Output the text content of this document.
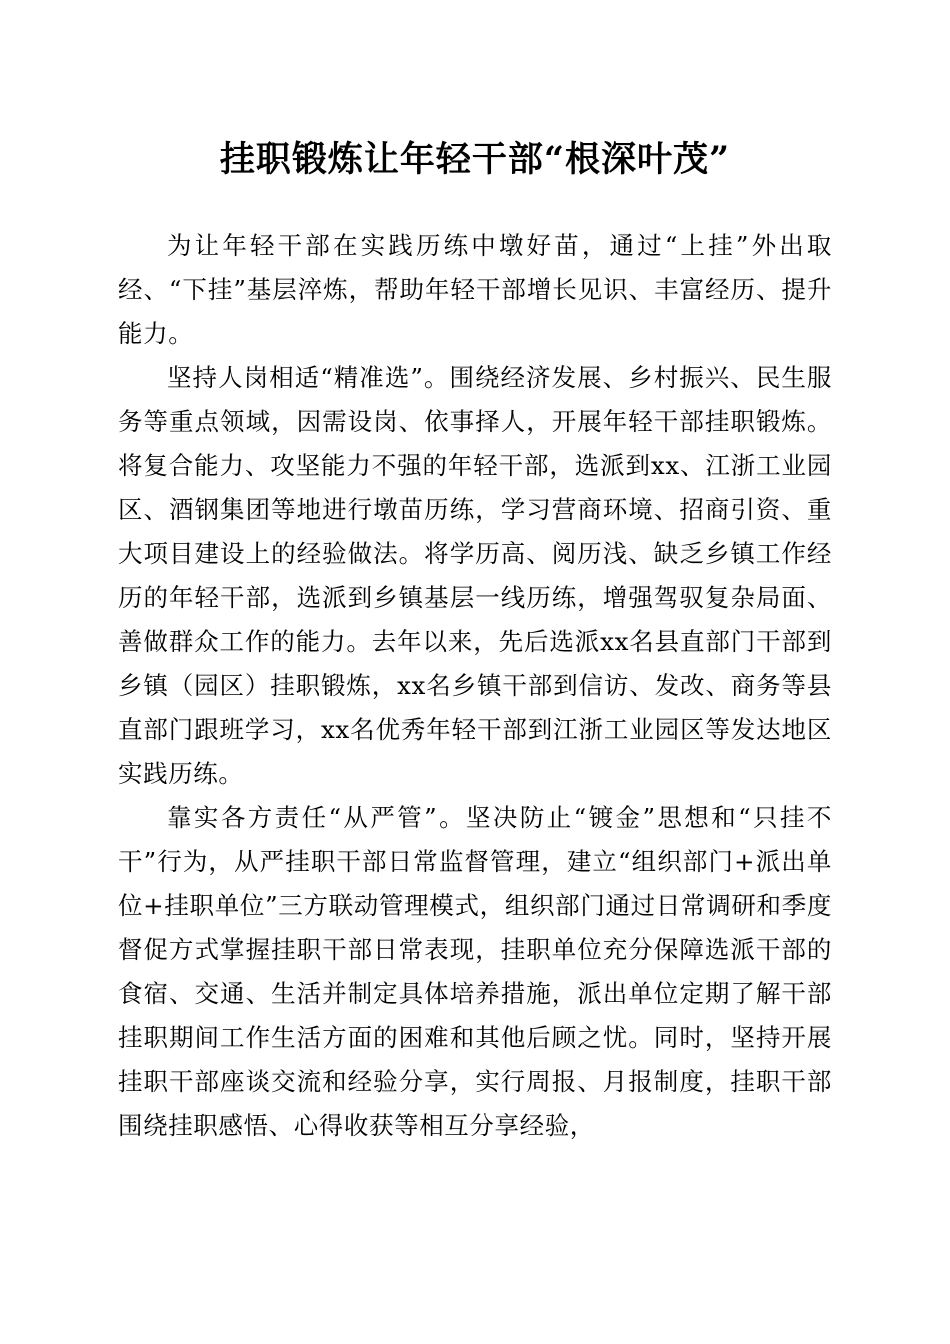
挂职锻炼让年轻干部“根深叶茂”

为让年轻干部在实践历练中墩好苗，通过“上挂”外出取经、“下挂”基层淬炼，帮助年轻干部增长见识、丰富经历、提升能力。

坚持人岗相适“精准选”。围绕经济发展、乡村振兴、民生服务等重点领域，因需设岗、依事择人，开展年轻干部挂职锻炼。将复合能力、攻坚能力不强的年轻干部，选派到xx、江浙工业园区、酒钢集团等地进行墩苗历练，学习营商环境、招商引资、重大项目建设上的经验做法。将学历高、阅历浅、缺乏乡镇工作经历的年轻干部，选派到乡镇基层一线历练，增强驾驭复杂局面、善做群众工作的能力。去年以来，先后选派xx名县直部门干部到乡镇（园区）挂职锻炼，xx名乡镇干部到信访、发改、商务等县直部门跟班学习，xx名优秀年轻干部到江浙工业园区等发达地区实践历练。

靠实各方责任“从严管”。坚决防止“镀金”思想和“只挂不干”行为，从严挂职干部日常监督管理，建立“组织部门+派出单位+挂职单位”三方联动管理模式，组织部门通过日常调研和季度督促方式掌握挂职干部日常表现，挂职单位充分保障选派干部的食宿、交通、生活并制定具体培养措施，派出单位定期了解干部挂职期间工作生活方面的困难和其他后顾之忧。同时，坚持开展挂职干部座谈交流和经验分享，实行周报、月报制度，挂职干部围绕挂职感悟、心得收获等相互分享经验，
